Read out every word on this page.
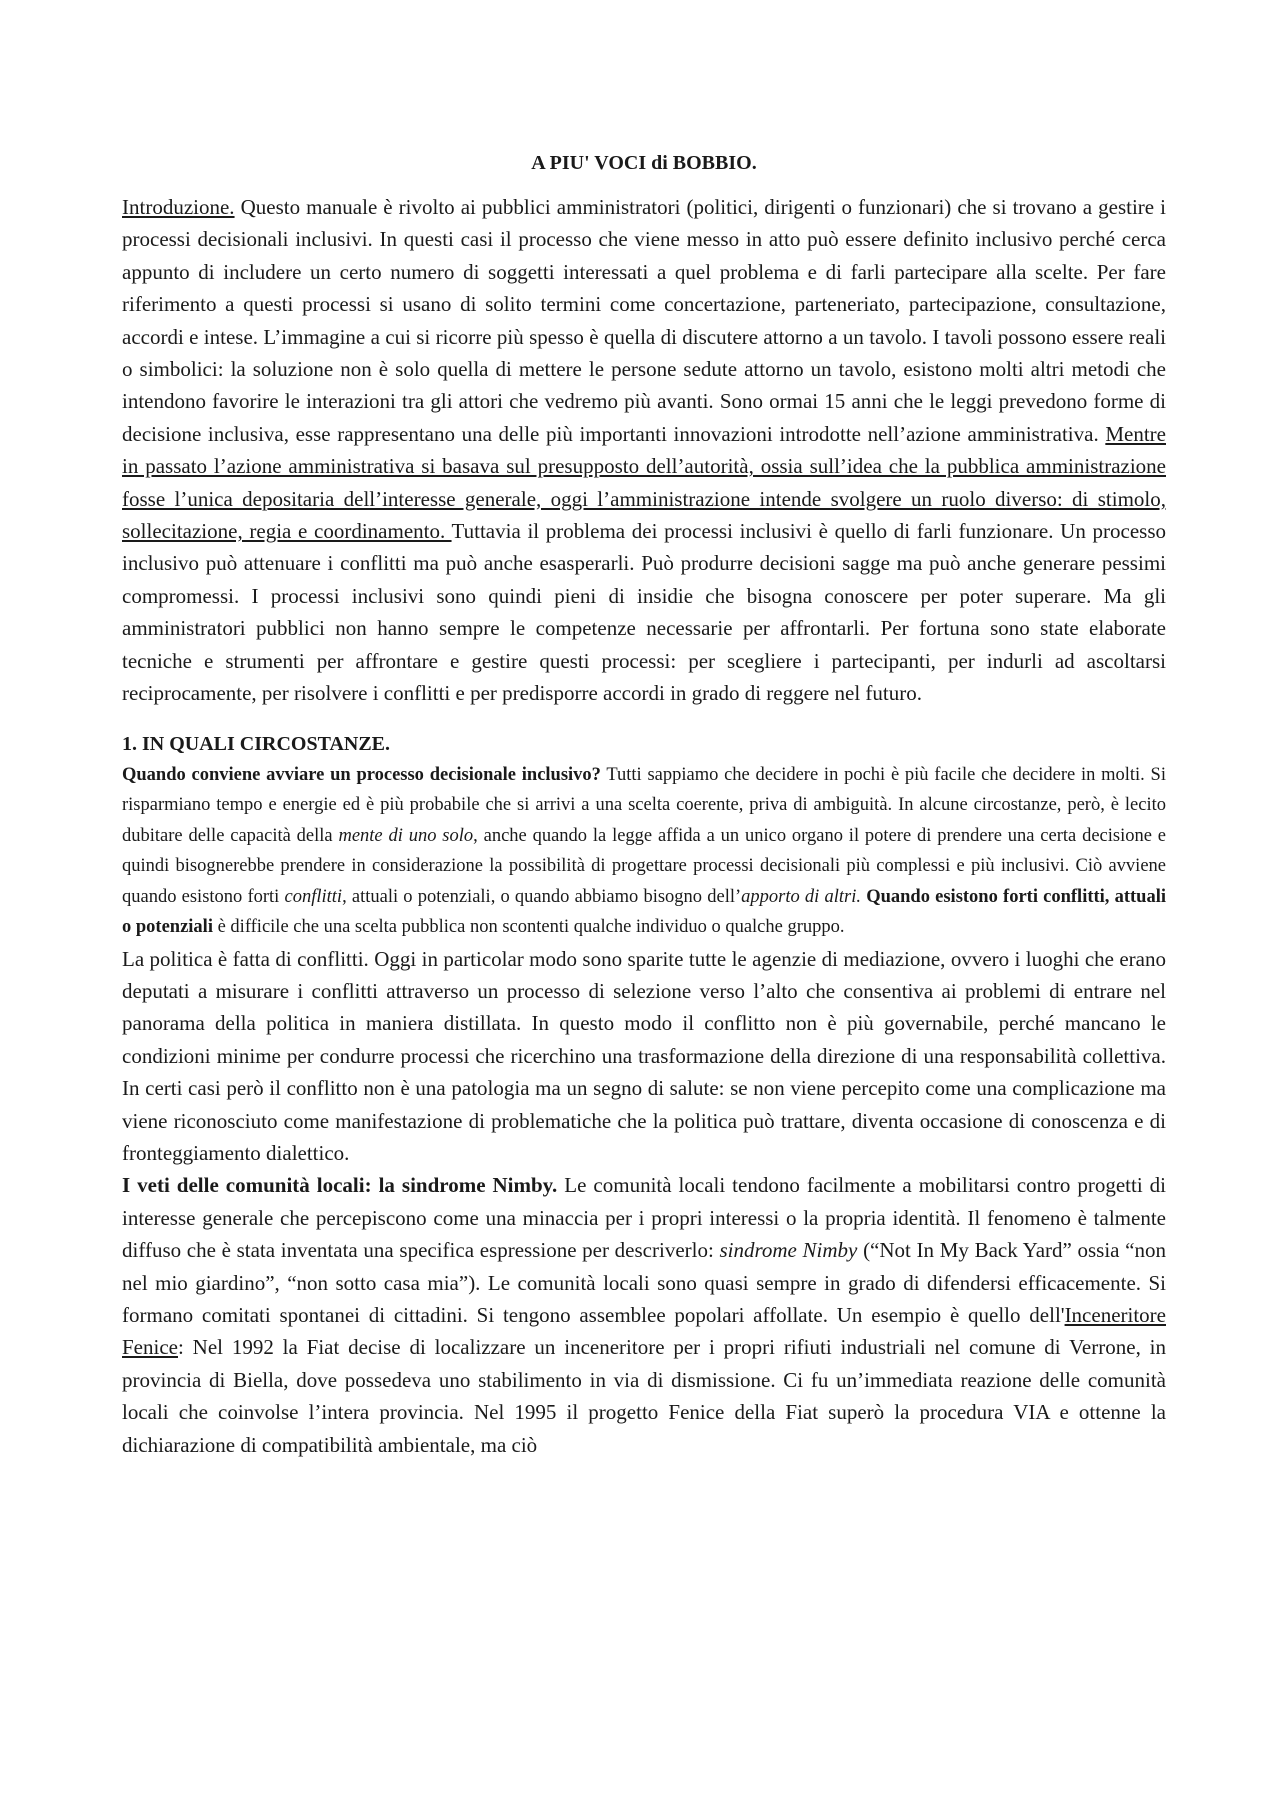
A PIU' VOCI di BOBBIO.

Introduzione. Questo manuale è rivolto ai pubblici amministratori (politici, dirigenti o funzionari) che si trovano a gestire i processi decisionali inclusivi. In questi casi il processo che viene messo in atto può essere definito inclusivo perché cerca appunto di includere un certo numero di soggetti interessati a quel problema e di farli partecipare alla scelte. Per fare riferimento a questi processi si usano di solito termini come concertazione, parteneriato, partecipazione, consultazione, accordi e intese. L’immagine a cui si ricorre più spesso è quella di discutere attorno a un tavolo. I tavoli possono essere reali o simbolici: la soluzione non è solo quella di mettere le persone sedute attorno un tavolo, esistono molti altri metodi che intendono favorire le interazioni tra gli attori che vedremo più avanti. Sono ormai 15 anni che le leggi prevedono forme di decisione inclusiva, esse rappresentano una delle più importanti innovazioni introdotte nell’azione amministrativa. Mentre in passato l’azione amministrativa si basava sul presupposto dell’autorità, ossia sull’idea che la pubblica amministrazione fosse l’unica depositaria dell’interesse generale, oggi l’amministrazione intende svolgere un ruolo diverso: di stimolo, sollecitazione, regia e coordinamento. Tuttavia il problema dei processi inclusivi è quello di farli funzionare. Un processo inclusivo può attenuare i conflitti ma può anche esasperarli. Può produrre decisioni sagge ma può anche generare pessimi compromessi. I processi inclusivi sono quindi pieni di insidie che bisogna conoscere per poter superare. Ma gli amministratori pubblici non hanno sempre le competenze necessarie per affrontarli. Per fortuna sono state elaborate tecniche e strumenti per affrontare e gestire questi processi: per scegliere i partecipanti, per indurli ad ascoltarsi reciprocamente, per risolvere i conflitti e per predisporre accordi in grado di reggere nel futuro.

1. IN QUALI CIRCOSTANZE.

Quando conviene avviare un processo decisionale inclusivo? Tutti sappiamo che decidere in pochi è più facile che decidere in molti. Si risparmiano tempo e energie ed è più probabile che si arrivi a una scelta coerente, priva di ambiguità. In alcune circostanze, però, è lecito dubitare delle capacità della mente di uno solo, anche quando la legge affida a un unico organo il potere di prendere una certa decisione e quindi bisognerebbe prendere in considerazione la possibilità di progettare processi decisionali più complessi e più inclusivi. Ciò avviene quando esistono forti conflitti, attuali o potenziali, o quando abbiamo bisogno dell’apporto di altri. Quando esistono forti conflitti, attuali o potenziali è difficile che una scelta pubblica non scontenti qualche individuo o qualche gruppo.

La politica è fatta di conflitti. Oggi in particolar modo sono sparite tutte le agenzie di mediazione, ovvero i luoghi che erano deputati a misurare i conflitti attraverso un processo di selezione verso l’alto che consentiva ai problemi di entrare nel panorama della politica in maniera distillata. In questo modo il conflitto non è più governabile, perché mancano le condizioni minime per condurre processi che ricerchino una trasformazione della direzione di una responsabilità collettiva. In certi casi però il conflitto non è una patologia ma un segno di salute: se non viene percepito come una complicazione ma viene riconosciuto come manifestazione di problematiche che la politica può trattare, diventa occasione di conoscenza e di fronteggiamento dialettico.

I veti delle comunità locali: la sindrome Nimby. Le comunità locali tendono facilmente a mobilitarsi contro progetti di interesse generale che percepiscono come una minaccia per i propri interessi o la propria identità. Il fenomeno è talmente diffuso che è stata inventata una specifica espressione per descriverlo: sindrome Nimby (“Not In My Back Yard” ossia “non nel mio giardino”, “non sotto casa mia”). Le comunità locali sono quasi sempre in grado di difendersi efficacemente. Si formano comitati spontanei di cittadini. Si tengono assemblee popolari affollate. Un esempio è quello dell'Inceneritore Fenice: Nel 1992 la Fiat decise di localizzare un inceneritore per i propri rifiuti industriali nel comune di Verrone, in provincia di Biella, dove possedeva uno stabilimento in via di dismissione. Ci fu un’immediata reazione delle comunità locali che coinvolse l’intera provincia. Nel 1995 il progetto Fenice della Fiat superò la procedura VIA e ottenne la dichiarazione di compatibilità ambientale, ma ciò
